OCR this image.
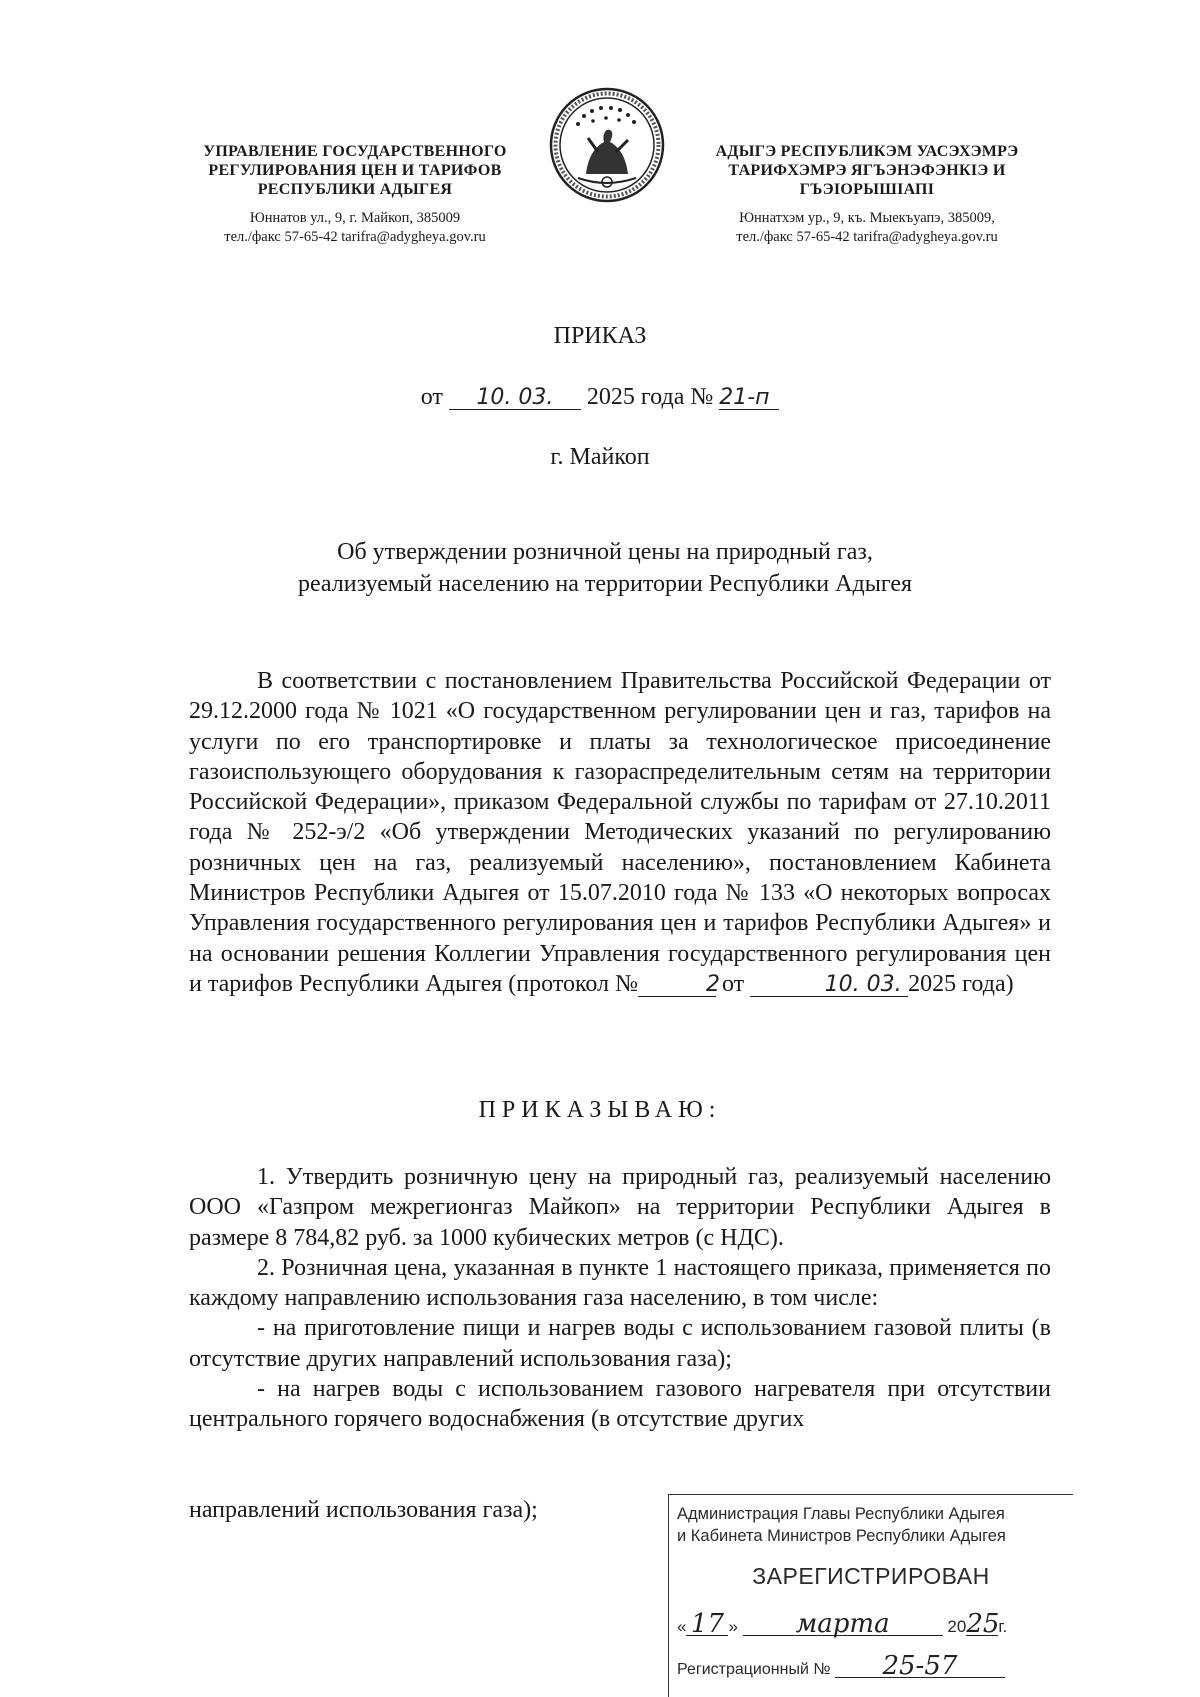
УПРАВЛЕНИЕ ГОСУДАРСТВЕННОГО
РЕГУЛИРОВАНИЯ ЦЕН И ТАРИФОВ
РЕСПУБЛИКИ АДЫГЕЯ
Юннатов ул., 9, г. Майкоп, 385009
тел./факс 57-65-42 tarifra@adygheya.gov.ru
АДЫГЭ РЕСПУБЛИКЭМ УАСЭХЭМРЭ
ТАРИФХЭМРЭ ЯГЪЭНЭФЭНКIЭ И
ГЪЭIОРЫШIАПI
Юннатхэм ур., 9, къ. Мыекъуапэ, 385009,
тел./факс 57-65-42 tarifra@adygheya.gov.ru
ПРИКАЗ
от 10. 03. 2025 года № 21-п
г. Майкоп
Об утверждении розничной цены на природный газ,
реализуемый населению на территории Республики Адыгея

В соответствии с постановлением Правительства Российской Федерации от 29.12.2000 года № 1021 «О государственном регулировании цен и газ, тарифов на услуги по его транспортировке и платы за технологическое присоединение газоиспользующего оборудования к газораспределительным сетям на территории Российской Федерации», приказом Федеральной службы по тарифам от 27.10.2011 года № 252-э/2 «Об утверждении Методических указаний по регулированию розничных цен на газ, реализуемый населению», постановлением Кабинета Министров Республики Адыгея от 15.07.2010 года № 133 «О некоторых вопросах Управления государственного регулирования цен и тарифов Республики Адыгея» и на основании решения Коллегии Управления государственного регулирования цен и тарифов Республики Адыгея (протокол №	2 от	10. 03. 2025 года)

ПРИКАЗЫВАЮ:

1. Утвердить розничную цену на природный газ, реализуемый населению ООО «Газпром межрегионгаз Майкоп» на территории Республики Адыгея в размере 8 784,82 руб. за 1000 кубических метров (с НДС).

2. Розничная цена, указанная в пункте 1 настоящего приказа, применяется по каждому направлению использования газа населению, в том числе:

- на приготовление пищи и нагрев воды с использованием газовой плиты (в отсутствие других направлений использования газа);

- на нагрев воды с использованием газового нагревателя при отсутствии центрального горячего водоснабжения (в отсутствие других

направлений использования газа);	Администрация Главы Республики Адыгея
и Кабинета Министров Республики Адыгея
ЗАРЕГИСТРИРОВАН
« 17 » марта	2025г.
Регистрационный № 25-57
